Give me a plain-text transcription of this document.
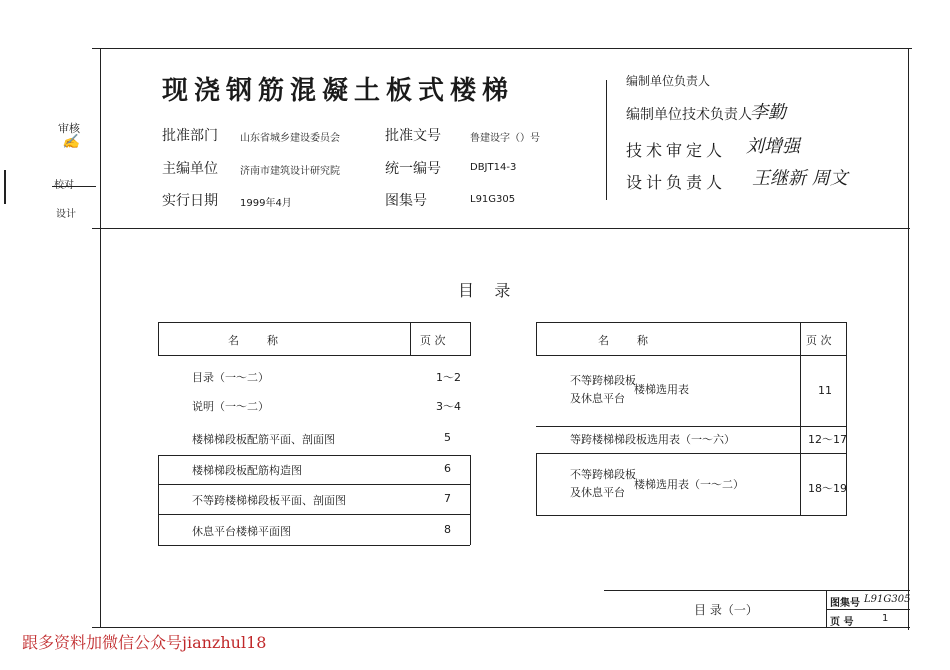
审核
✍
校对
设计
现浇钢筋混凝土板式楼梯
批准部门 山东省城乡建设委员会	批准文号	鲁建设字（）号
主编单位 济南市建筑设计研究院	统一编号	DBJT14-3
实行日期 1999年4月	图集号	L91G305
编制单位负责人
编制单位技术负责人
李勤
技术审定人 刘增强
设计负责人 王继新 周文
目    录
名        称	页 次
目录（一～二）	1～2
说明（一～二）	3～4
楼梯梯段板配筋平面、剖面图	5
楼梯梯段板配筋构造图	6
不等跨楼梯梯段板平面、剖面图	7
休息平台楼梯平面图	8
名        称	页 次
不等跨梯段板
及休息平台
楼梯选用表	11
等跨楼梯梯段板选用表（一～六）	12～17
不等跨梯段板
及休息平台
楼梯选用表（一～二）	18～19
目 录（一）	图集号 L91G305
页 号	1
跟多资料加微信公众号jianzhul18
